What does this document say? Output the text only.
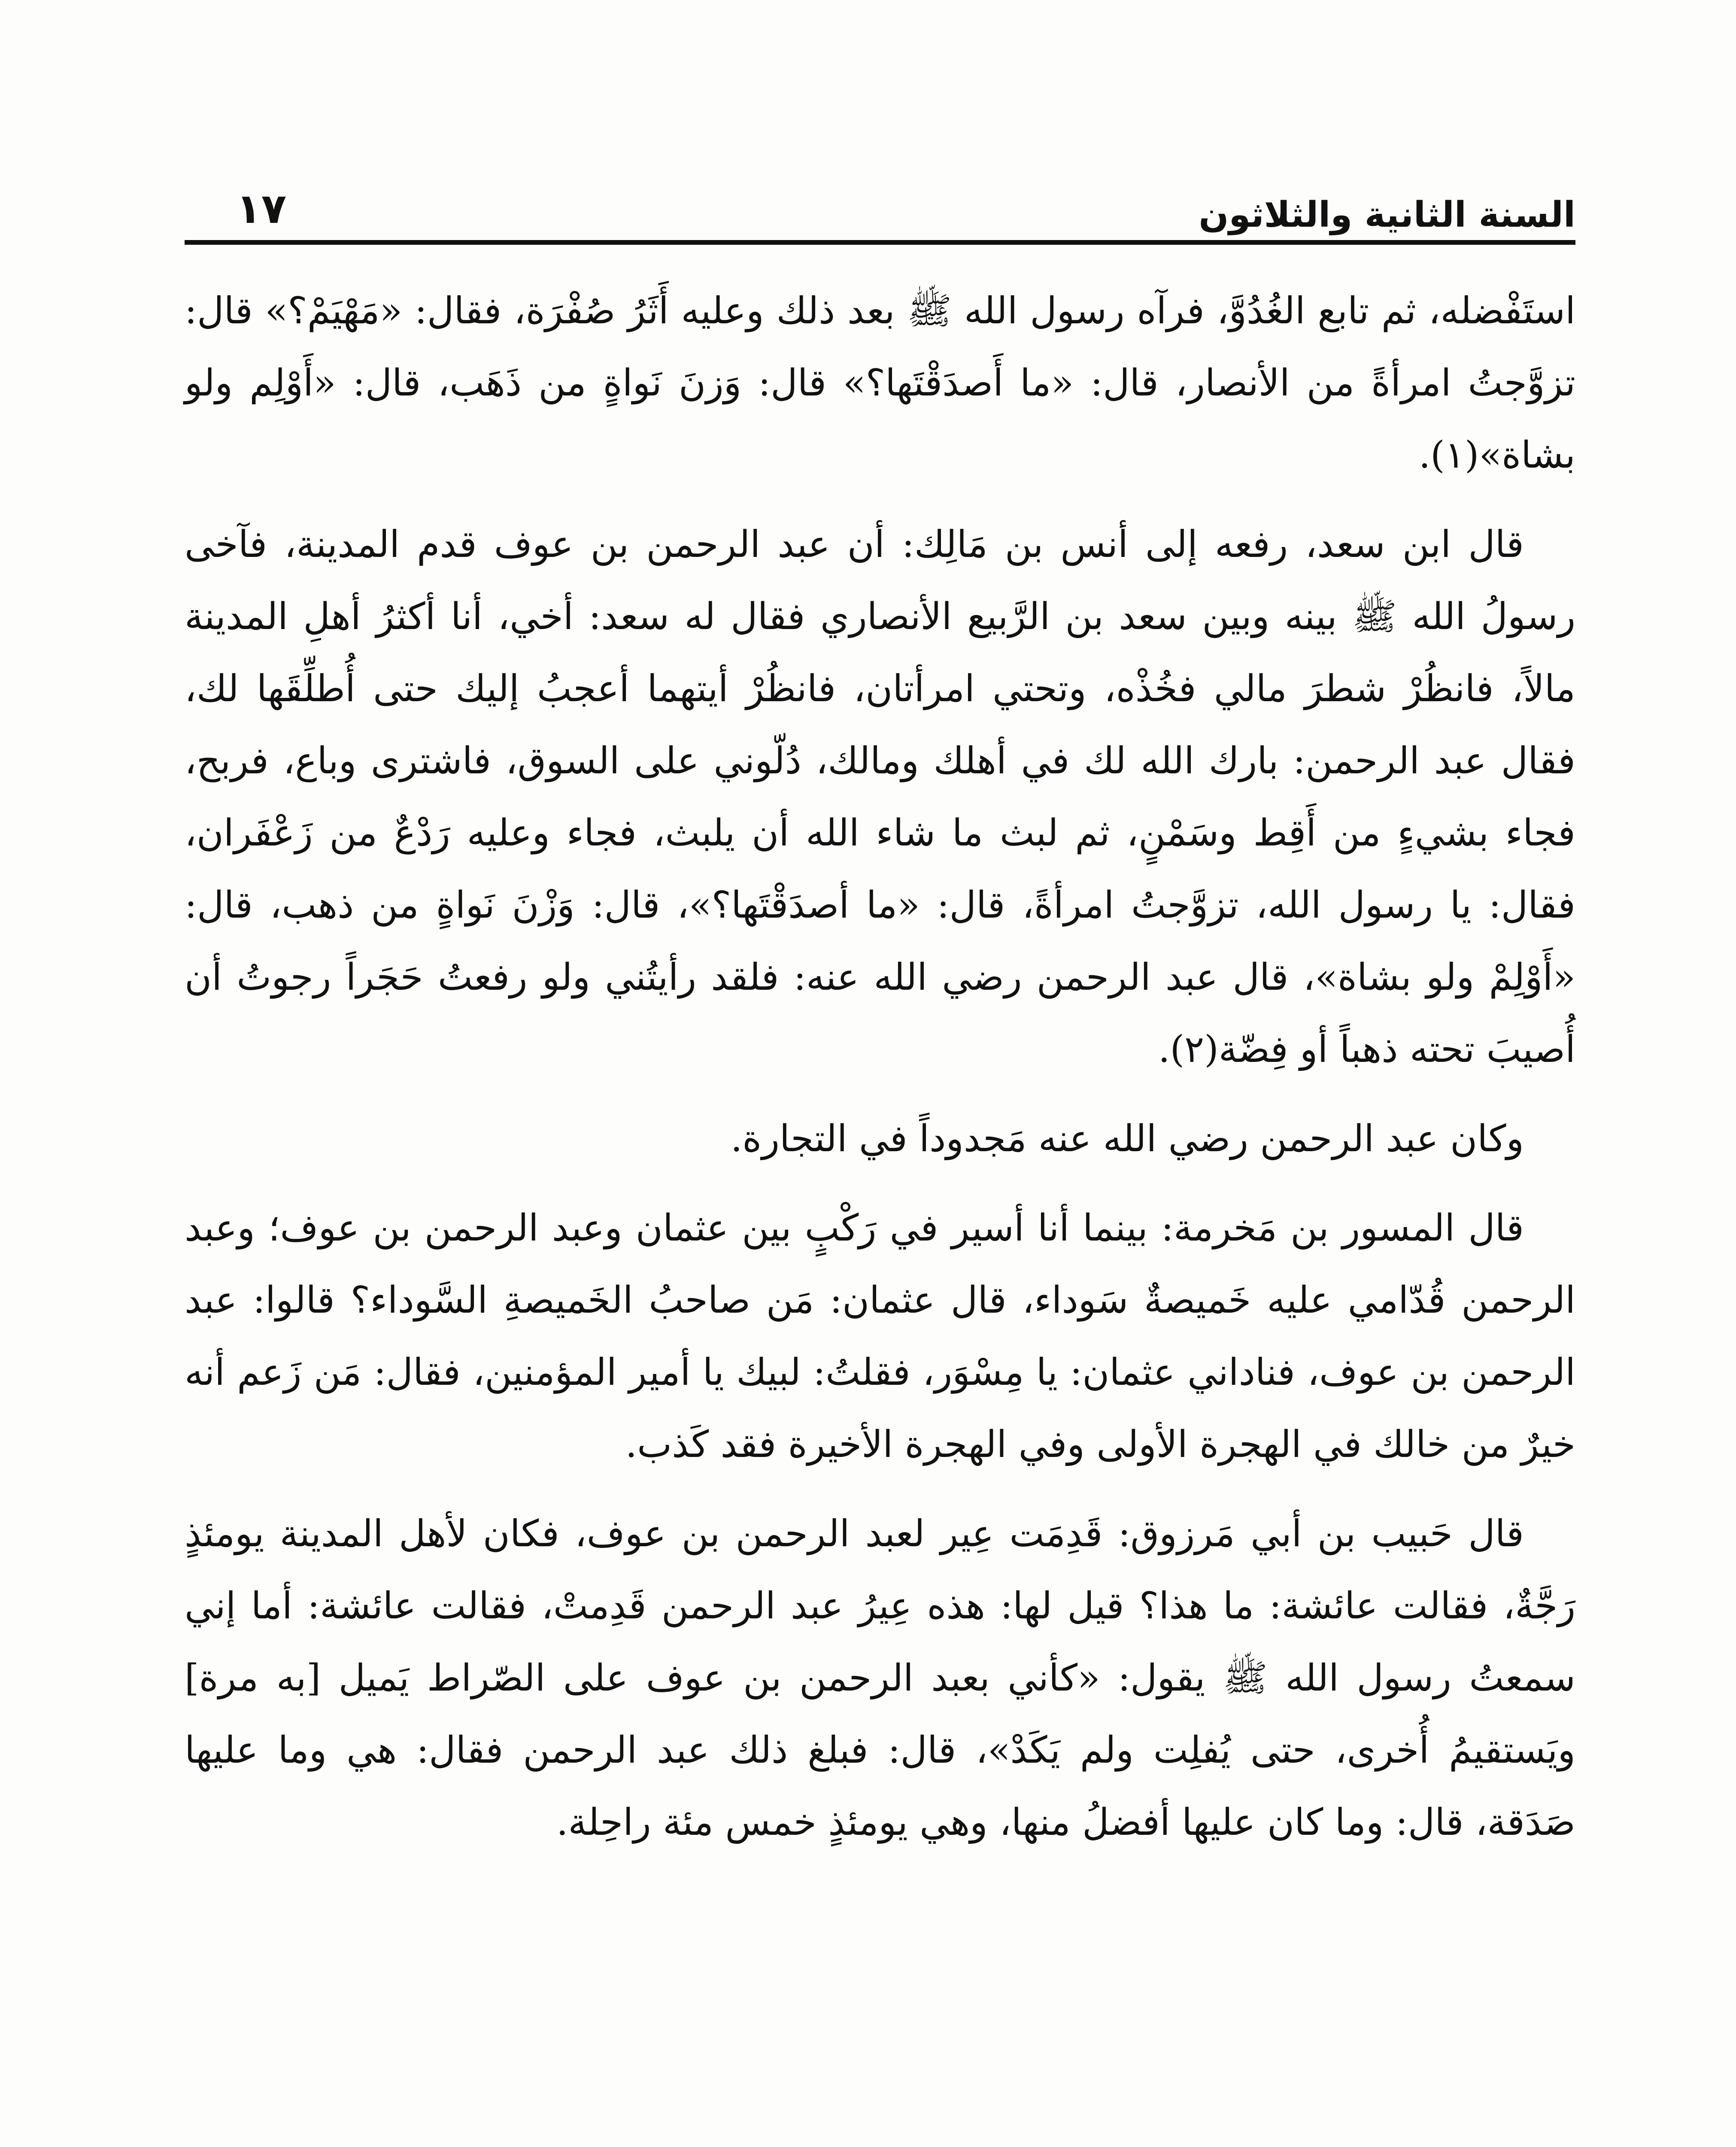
السنة الثانية والثلاثون
١٧

استَفْضله، ثم تابع الغُدُوَّ، فرآه رسول الله ﷺ بعد ذلك وعليه أَثَرُ صُفْرَة، فقال: «مَهْيَمْ؟» قال: تزوَّجتُ امرأةً من الأنصار، قال: «ما أَصدَقْتَها؟» قال: وَزنَ نَواةٍ من ذَهَب، قال: «أَوْلِم ولو بشاة»(١).

قال ابن سعد، رفعه إلى أنس بن مَالِك: أن عبد الرحمن بن عوف قدم المدينة، فآخى رسولُ الله ﷺ بينه وبين سعد بن الرَّبيع الأنصاري فقال له سعد: أخي، أنا أكثرُ أهلِ المدينة مالاً، فانظُرْ شطرَ مالي فخُذْه، وتحتي امرأتان، فانظُرْ أيتهما أعجبُ إليك حتى أُطلِّقَها لك، فقال عبد الرحمن: بارك الله لك في أهلك ومالك، دُلّوني على السوق، فاشترى وباع، فربح، فجاء بشيءٍ من أَقِط وسَمْنٍ، ثم لبث ما شاء الله أن يلبث، فجاء وعليه رَدْعٌ من زَعْفَران، فقال: يا رسول الله، تزوَّجتُ امرأةً، قال: «ما أصدَقْتَها؟»، قال: وَزْنَ نَواةٍ من ذهب، قال: «أَوْلِمْ ولو بشاة»، قال عبد الرحمن رضي الله عنه: فلقد رأيتُني ولو رفعتُ حَجَراً رجوتُ أن أُصيبَ تحته ذهباً أو فِضّة(٢).

وكان عبد الرحمن رضي الله عنه مَجدوداً في التجارة.

قال المسور بن مَخرمة: بينما أنا أسير في رَكْبٍ بين عثمان وعبد الرحمن بن عوف؛ وعبد الرحمن قُدّامي عليه خَميصةٌ سَوداء، قال عثمان: مَن صاحبُ الخَميصةِ السَّوداء؟ قالوا: عبد الرحمن بن عوف، فناداني عثمان: يا مِسْوَر، فقلتُ: لبيك يا أمير المؤمنين، فقال: مَن زَعم أنه خيرٌ من خالك في الهجرة الأولى وفي الهجرة الأخيرة فقد كَذب.

قال حَبيب بن أبي مَرزوق: قَدِمَت عِير لعبد الرحمن بن عوف، فكان لأهل المدينة يومئذٍ رَجَّةٌ، فقالت عائشة: ما هذا؟ قيل لها: هذه عِيرُ عبد الرحمن قَدِمتْ، فقالت عائشة: أما إني سمعتُ رسول الله ﷺ يقول: «كأني بعبد الرحمن بن عوف على الصّراط يَميل [به مرة] ويَستقيمُ أُخرى، حتى يُفلِت ولم يَكَدْ»، قال: فبلغ ذلك عبد الرحمن فقال: هي وما عليها صَدَقة، قال: وما كان عليها أفضلُ منها، وهي يومئذٍ خمس مئة راحِلة.
